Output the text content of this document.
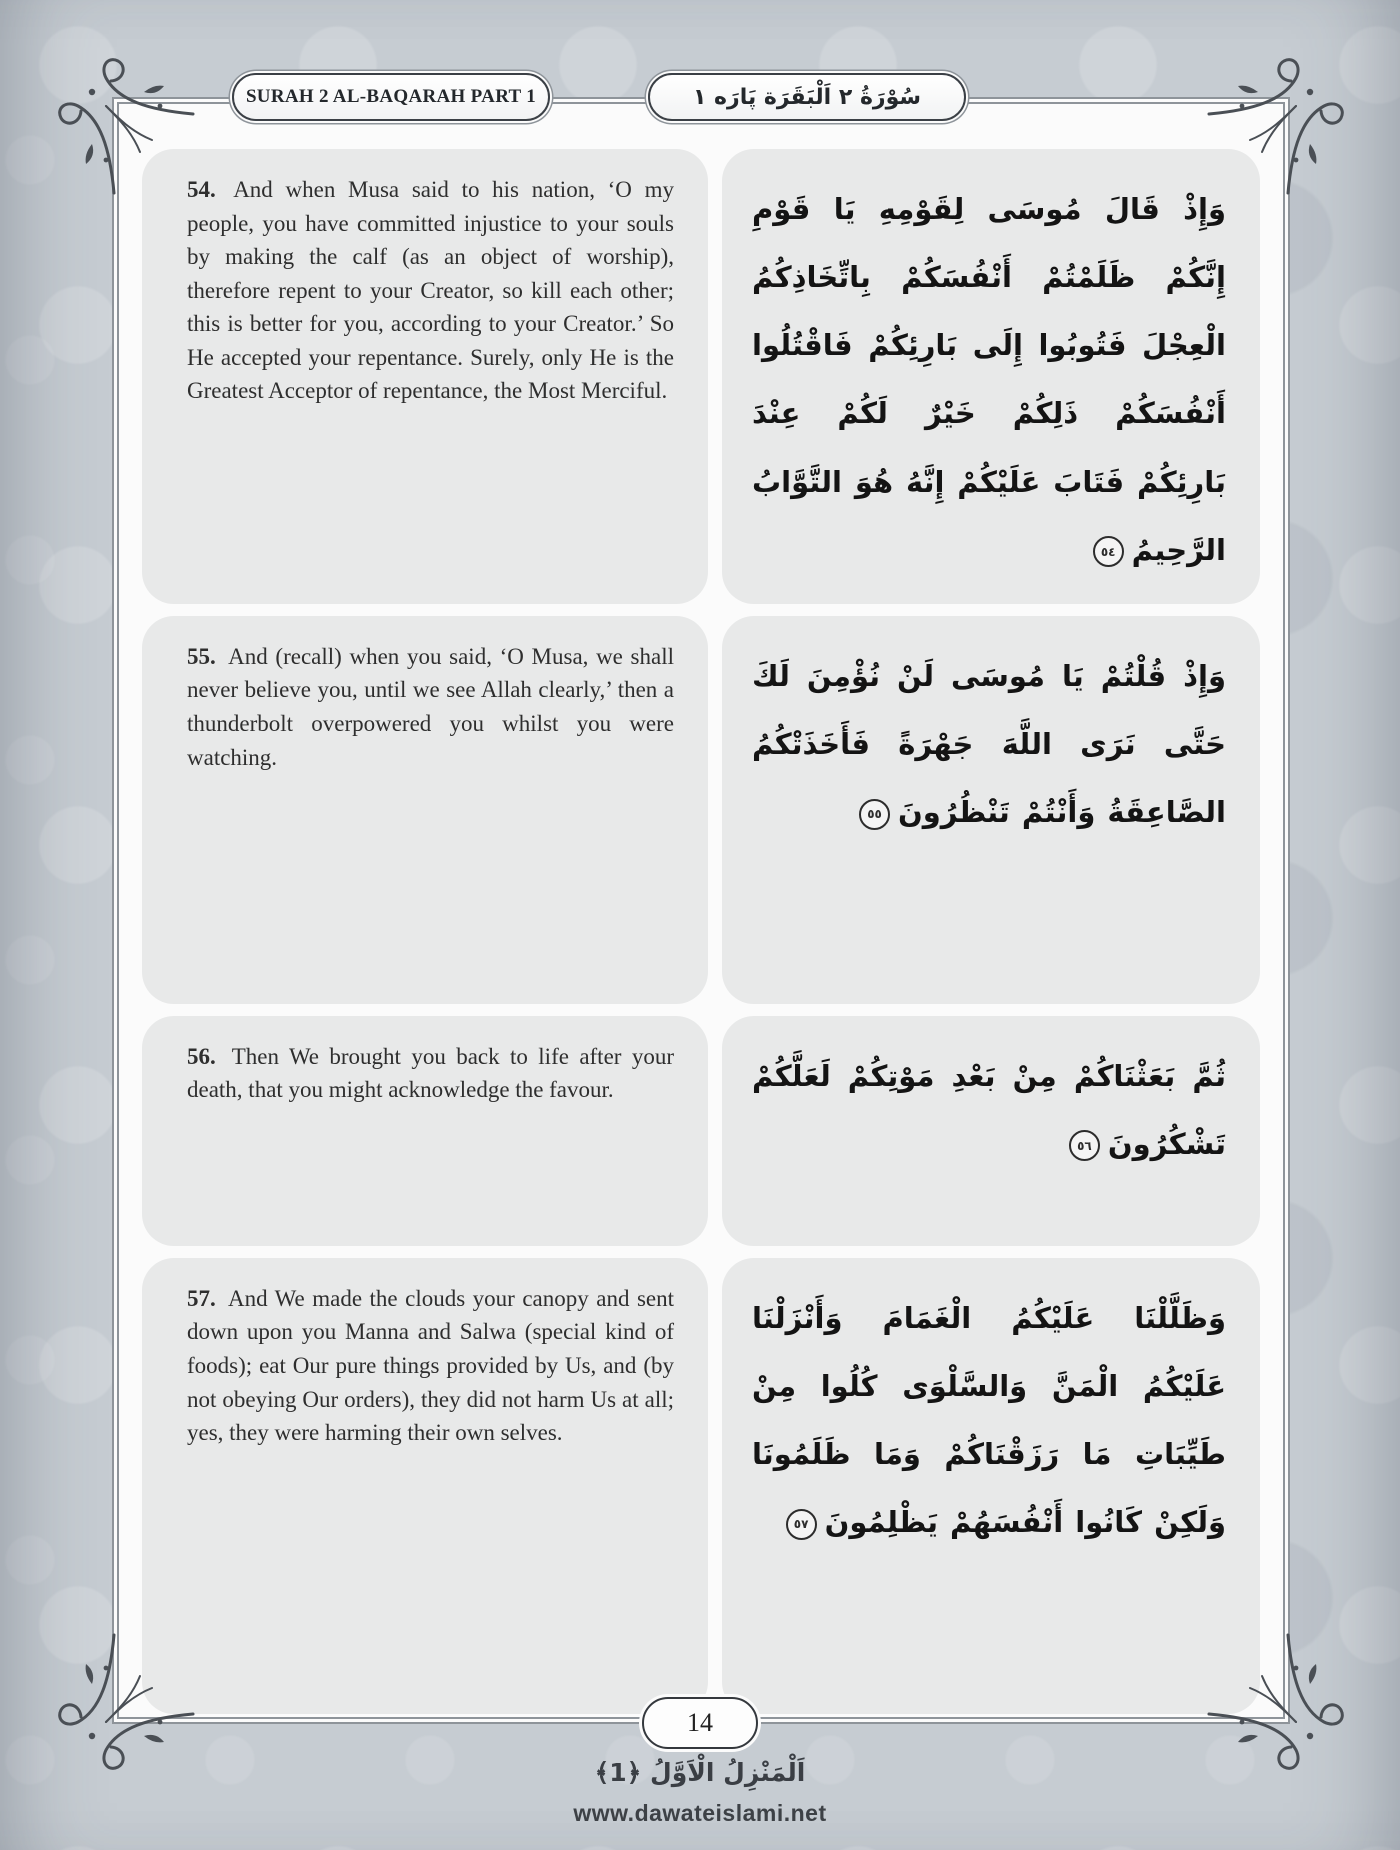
54. And when Musa said to his nation, ‘O my people, you have committed injustice to your souls by making the calf (as an object of worship), therefore repent to your Creator, so kill each other; this is better for you, according to your Creator.’ So He accepted your repentance. Surely, only He is the Greatest Acceptor of repentance, the Most Merciful.

وَإِذْ قَالَ مُوسَى لِقَوْمِهِ يَا قَوْمِ إِنَّكُمْ ظَلَمْتُمْ أَنْفُسَكُمْ بِاتِّخَاذِكُمُ الْعِجْلَ فَتُوبُوا إِلَى بَارِئِكُمْ فَاقْتُلُوا أَنْفُسَكُمْ ذَلِكُمْ خَيْرٌ لَكُمْ عِنْدَ بَارِئِكُمْ فَتَابَ عَلَيْكُمْ إِنَّهُ هُوَ التَّوَّابُ الرَّحِيمُ٥٤

55. And (recall) when you said, ‘O Musa, we shall never believe you, until we see Allah clearly,’ then a thunderbolt overpowered you whilst you were watching.

وَإِذْ قُلْتُمْ يَا مُوسَى لَنْ نُؤْمِنَ لَكَ حَتَّى نَرَى اللَّهَ جَهْرَةً فَأَخَذَتْكُمُ الصَّاعِقَةُ وَأَنْتُمْ تَنْظُرُونَ٥٥

56. Then We brought you back to life after your death, that you might acknowledge the favour.	ثُمَّ بَعَثْنَاكُمْ مِنْ بَعْدِ مَوْتِكُمْ لَعَلَّكُمْ تَشْكُرُونَ٥٦

57. And We made the clouds your canopy and sent down upon you Manna and Salwa (special kind of foods); eat Our pure things provided by Us, and (by not obeying Our orders), they did not harm Us at all; yes, they were harming their own selves.

وَظَلَّلْنَا عَلَيْكُمُ الْغَمَامَ وَأَنْزَلْنَا عَلَيْكُمُ الْمَنَّ وَالسَّلْوَى كُلُوا مِنْ طَيِّبَاتِ مَا رَزَقْنَاكُمْ وَمَا ظَلَمُونَا وَلَكِنْ كَانُوا أَنْفُسَهُمْ يَظْلِمُونَ٥٧

SURAH 2 AL-BAQARAH PART 1	سُوْرَةُ ٢ اَلْبَقَرَة پَارَه ١
14
اَلْمَنْزِلُ الْاَوَّلُ ﴿1﴾
www.dawateislami.net
